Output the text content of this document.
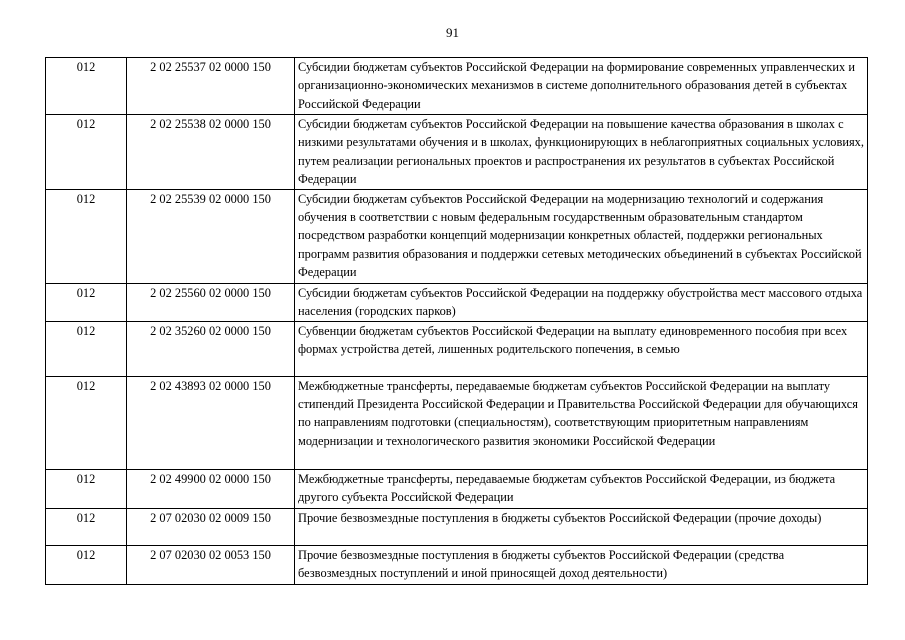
91
012	2 02 25537 02 0000 150	Субсидии бюджетам субъектов Российской Федерации на формирование современных управленческих и организационно-экономических механизмов в системе дополнительного образования детей в субъектах Российской Федерации
012	2 02 25538 02 0000 150	Субсидии бюджетам субъектов Российской Федерации на повышение качества образования в школах с низкими результатами обучения и в школах, функционирующих в неблагоприятных социальных условиях, путем реализации региональных проектов и распространения их результатов в субъектах Российской Федерации
012	2 02 25539 02 0000 150	Субсидии бюджетам субъектов Российской Федерации на модернизацию технологий и содержания обучения в соответствии с новым федеральным государственным образовательным стандартом посредством разработки концепций модернизации конкретных областей, поддержки региональных программ развития образования и поддержки сетевых методических объединений в субъектах Российской Федерации
012	2 02 25560 02 0000 150	Субсидии бюджетам субъектов Российской Федерации на поддержку обустройства мест массового отдыха населения (городских парков)
012	2 02 35260 02 0000 150	Субвенции бюджетам субъектов Российской Федерации на выплату единовременного пособия при всех формах устройства детей, лишенных родительского попечения, в семью
012	2 02 43893 02 0000 150	Межбюджетные трансферты, передаваемые бюджетам субъектов Российской Федерации на выплату стипендий Президента Российской Федерации и Правительства Российской Федерации для обучающихся по направлениям подготовки (специальностям), соответствующим приоритетным направлениям модернизации и технологического развития экономики Российской Федерации
012	2 02 49900 02 0000 150	Межбюджетные трансферты, передаваемые бюджетам субъектов Российской Федерации, из бюджета другого субъекта Российской Федерации
012	2 07 02030 02 0009 150	Прочие безвозмездные поступления в бюджеты субъектов Российской Федерации (прочие доходы)
012	2 07 02030 02 0053 150	Прочие безвозмездные поступления в бюджеты субъектов Российской Федерации (средства безвозмездных поступлений и иной приносящей доход деятельности)
